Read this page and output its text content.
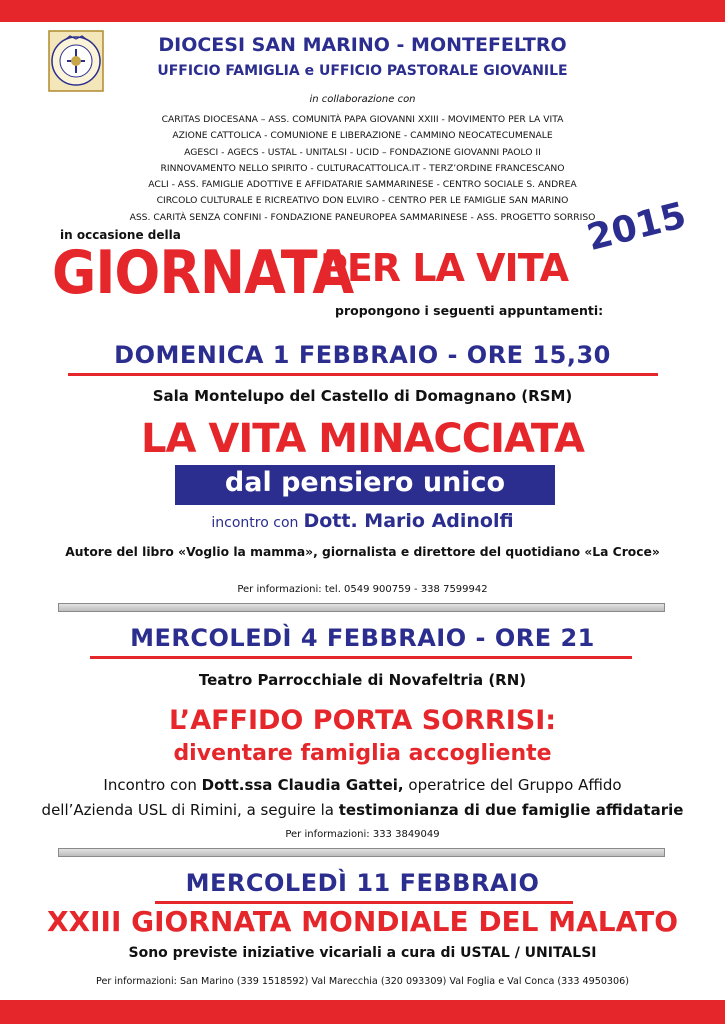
DIOCESI SAN MARINO - MONTEFELTRO
UFFICIO FAMIGLIA e UFFICIO PASTORALE GIOVANILE
in collaborazione con
CARITAS DIOCESANA – ASS. COMUNITÀ PAPA GIOVANNI XXIII - MOVIMENTO PER LA VITA
AZIONE CATTOLICA - COMUNIONE E LIBERAZIONE - CAMMINO NEOCATECUMENALE
AGESCI - AGECS - USTAL - UNITALSI - UCID – FONDAZIONE GIOVANNI PAOLO II
RINNOVAMENTO NELLO SPIRITO - CULTURACATTOLICA.IT - TERZ’ORDINE FRANCESCANO
ACLI - ASS. FAMIGLIE ADOTTIVE E AFFIDATARIE SAMMARINESE - CENTRO SOCIALE S. ANDREA
CIRCOLO CULTURALE E RICREATIVO DON ELVIRO - CENTRO PER LE FAMIGLIE SAN MARINO
ASS. CARITÀ SENZA CONFINI - FONDAZIONE PANEUROPEA SAMMARINESE - ASS. PROGETTO SORRISO
in occasione della
GIORNATA
PER LA VITA
2015
propongono i seguenti appuntamenti:
DOMENICA 1 FEBBRAIO - ORE 15,30
Sala Montelupo del Castello di Domagnano (RSM)
LA VITA MINACCIATA
dal pensiero unico
incontro con Dott. Mario Adinolfi
Autore del libro «Voglio la mamma», giornalista e direttore del quotidiano «La Croce»
Per informazioni: tel. 0549 900759 - 338 7599942
MERCOLEDÌ 4 FEBBRAIO - ORE 21
Teatro Parrocchiale di Novafeltria (RN)
L’AFFIDO PORTA SORRISI:
diventare famiglia accogliente
Incontro con Dott.ssa Claudia Gattei, operatrice del Gruppo Affido
dell’Azienda USL di Rimini, a seguire la testimonianza di due famiglie affidatarie
Per informazioni: 333 3849049
MERCOLEDÌ 11 FEBBRAIO
XXIII GIORNATA MONDIALE DEL MALATO
Sono previste iniziative vicariali a cura di USTAL / UNITALSI
Per informazioni: San Marino (339 1518592) Val Marecchia (320 093309) Val Foglia e Val Conca (333 4950306)
